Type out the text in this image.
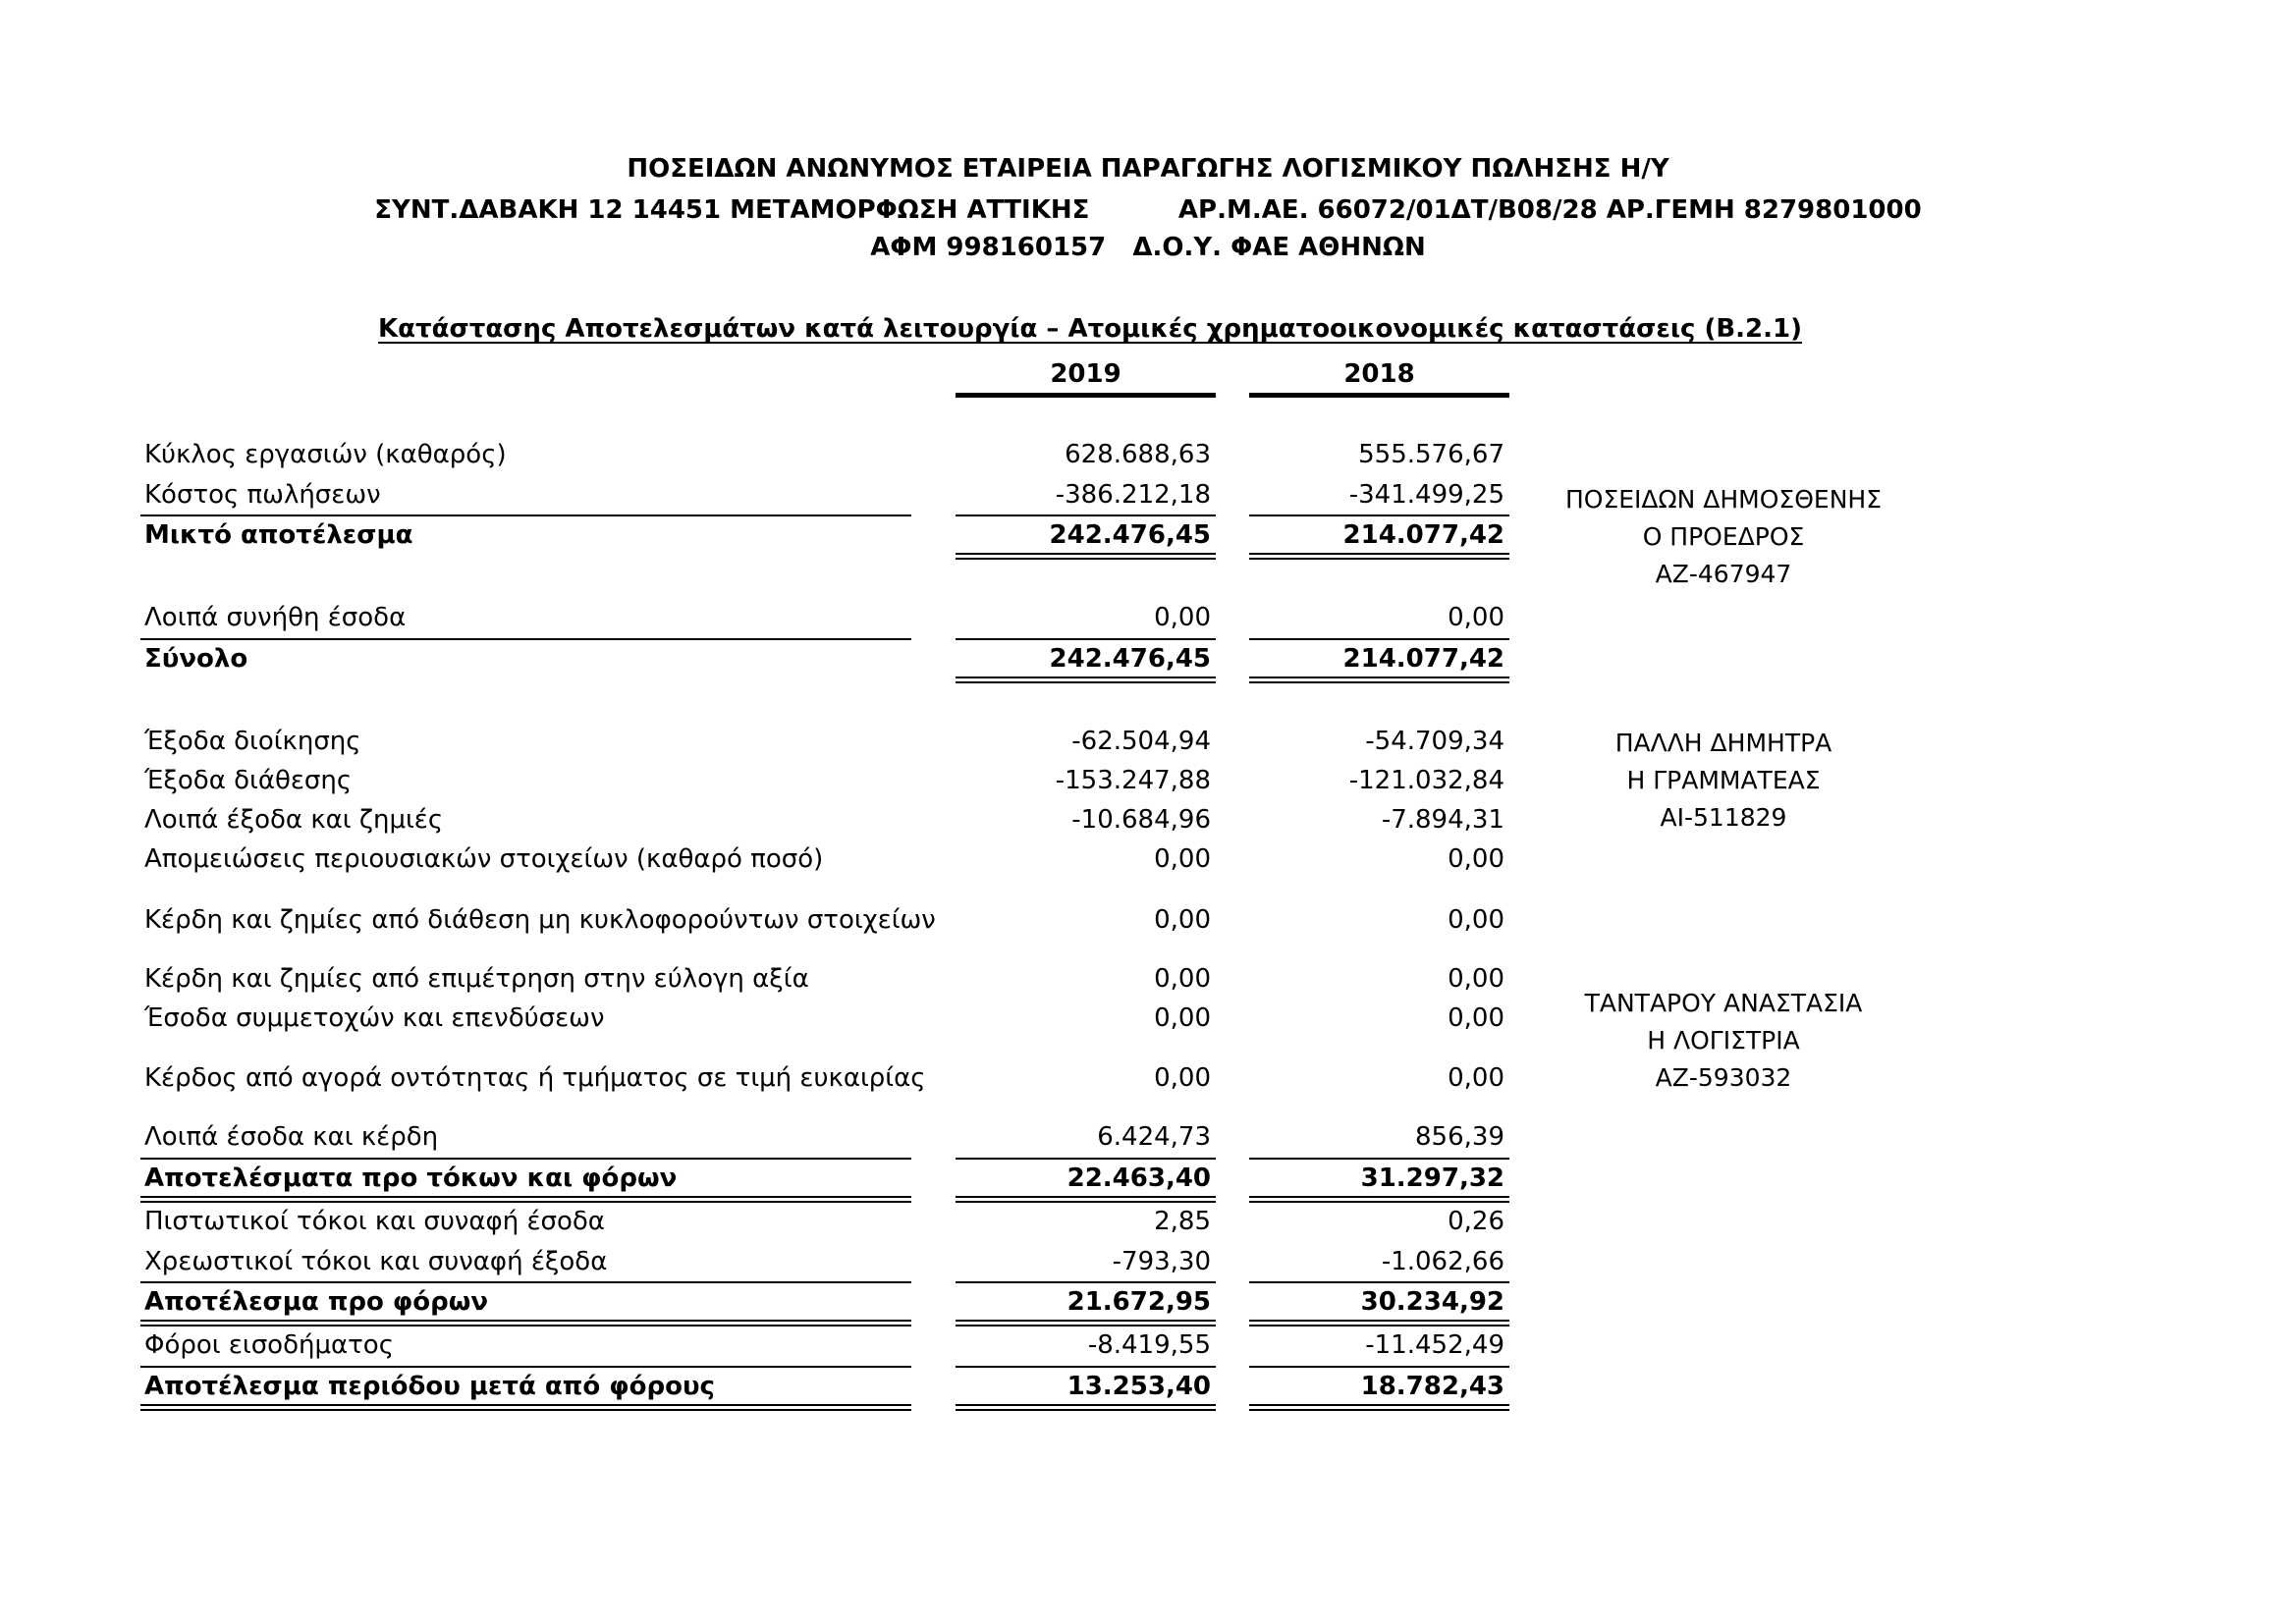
ΠΟΣΕΙΔΩΝ ΑΝΩΝΥΜΟΣ ΕΤΑΙΡΕΙΑ ΠΑΡΑΓΩΓΗΣ ΛΟΓΙΣΜΙΚΟΥ ΠΩΛΗΣΗΣ Η/Υ
ΣΥΝΤ.ΔΑΒΑΚΗ 12 14451 ΜΕΤΑΜΟΡΦΩΣΗ ΑΤΤΙΚΗΣ          ΑΡ.Μ.ΑΕ. 66072/01ΔΤ/Β08/28 ΑΡ.ΓΕΜΗ 8279801000
ΑΦΜ 998160157   Δ.Ο.Υ. ΦΑΕ ΑΘΗΝΩΝ
Κατάστασης Αποτελεσμάτων κατά λειτουργία – Ατομικές χρηματοοικονομικές καταστάσεις (Β.2.1)
2019	2018
Κύκλος εργασιών (καθαρός)	628.688,63	555.576,67
Κόστος πωλήσεων	-386.212,18	-341.499,25
Μικτό αποτέλεσμα	242.476,45	214.077,42
Λοιπά συνήθη έσοδα	0,00	0,00
Σύνολο	242.476,45	214.077,42
Έξοδα διοίκησης	-62.504,94	-54.709,34
Έξοδα διάθεσης	-153.247,88	-121.032,84
Λοιπά έξοδα και ζημιές	-10.684,96	-7.894,31
Απομειώσεις περιουσιακών στοιχείων (καθαρό ποσό)	0,00	0,00
Κέρδη και ζημίες από διάθεση μη κυκλοφορούντων στοιχείων	0,00	0,00
Κέρδη και ζημίες από επιμέτρηση στην εύλογη αξία	0,00	0,00
Έσοδα συμμετοχών και επενδύσεων	0,00	0,00
Κέρδος από αγορά οντότητας ή τμήματος σε τιμή ευκαιρίας	0,00	0,00
Λοιπά έσοδα και κέρδη	6.424,73	856,39
Αποτελέσματα προ τόκων και φόρων	22.463,40	31.297,32
Πιστωτικοί τόκοι και συναφή έσοδα	2,85	0,26
Χρεωστικοί τόκοι και συναφή έξοδα	-793,30	-1.062,66
Αποτέλεσμα προ φόρων	21.672,95	30.234,92
Φόροι εισοδήματος	-8.419,55	-11.452,49
Αποτέλεσμα περιόδου μετά από φόρους	13.253,40	18.782,43
ΠΟΣΕΙΔΩΝ ΔΗΜΟΣΘΕΝΗΣ
Ο ΠΡΟΕΔΡΟΣ
ΑΖ-467947
ΠΑΛΛΗ ΔΗΜΗΤΡΑ
Η ΓΡΑΜΜΑΤΕΑΣ
ΑΙ-511829
ΤΑΝΤΑΡΟΥ ΑΝΑΣΤΑΣΙΑ
Η ΛΟΓΙΣΤΡΙΑ
ΑΖ-593032
